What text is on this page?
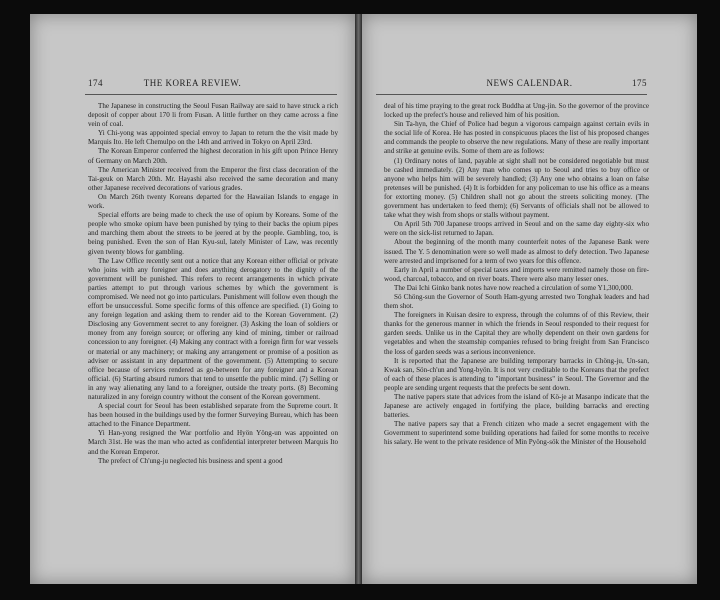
174	THE KOREA REVIEW.

The Japanese in constructing the Seoul Fusan Railway are said to have struck a rich deposit of copper about 170 li from Fusan. A little further on they came across a fine vein of coal.

Yi Chi-yong was appointed special envoy to Japan to return the the visit made by Marquis Ito. He left Chemulpo on the 14th and arrived in Tokyo on April 23rd.

The Korean Emperor conferred the highest decoration in his gift upon Prince Henry of Germany on March 20th.

The American Minister received from the Emperor the first class decoration of the Tai-geuk on March 20th. Mr. Hayashi also received the same decoration and many other Japanese received decorations of various grades.

On March 26th twenty Koreans departed for the Hawaiian Islands to engage in work.

Special efforts are being made to check the use of opium by Koreans. Some of the people who smoke opium have been punished by tying to their backs the opium pipes and marching them about the streets to be jeered at by the people. Gambling, too, is being punished. Even the son of Han Kyu-sul, lately Minister of Law, was recently given twenty blows for gambling.

The Law Office recently sent out a notice that any Korean either official or private who joins with any foreigner and does anything derogatory to the dignity of the government will be punished. This refers to recent arrangements in which private parties attempt to put through various schemes by which the government is compromised. We need not go into particulars. Punishment will follow even though the effort be unsuccessful. Some specific forms of this offence are specified. (1) Going to any foreign legation and asking them to render aid to the Korean Government. (2) Disclosing any Government secret to any foreigner. (3) Asking the loan of soldiers or money from any foreign source; or offering any kind of mining, timber or railroad concession to any foreigner. (4) Making any contract with a foreign firm for war vessels or material or any machinery; or making any arrangement or promise of a position as adviser or assistant in any department of the government. (5) Attempting to secure office because of services rendered as go-between for any foreigner and a Korean official. (6) Starting absurd rumors that tend to unsettle the public mind. (7) Selling or in any way alienating any land to a foreigner, outside the treaty ports. (8) Becoming naturalized in any foreign country without the consent of the Korean government.

A special court for Seoul has been established separate from the Supreme court. It has been housed in the buildings used by the former Surveying Bureau, which has been attached to the Finance Department.

Yi Han-yong resigned the War portfolio and Hyön Yöng-un was appointed on March 31st. He was the man who acted as confidential interpreter between Marquis Ito and the Korean Emperor.

The prefect of Ch'ung-ju neglected his business and spent a good

NEWS CALENDAR.	175

deal of his time praying to the great rock Buddha at Ung-jin. So the governor of the province locked up the prefect's house and relieved him of his position.

Sin Ta-hyn, the Chief of Police had begun a vigorous campaign against certain evils in the social life of Korea. He has posted in conspicuous places the list of his proposed changes and commands the people to observe the new regulations. Many of these are really important and strike at genuine evils. Some of them are as follows:

(1) Ordinary notes of land, payable at sight shall not be considered negotiable but must be cashed immediately. (2) Any man who comes up to Seoul and tries to buy office or anyone who helps him will be severely handled; (3) Any one who obtains a loan on false pretenses will be punished. (4) It is forbidden for any policeman to use his office as a means for extorting money. (5) Children shall not go about the streets soliciting money. (The government has undertaken to feed them); (6) Servants of officials shall not be allowed to take what they wish from shops or stalls without payment.

On April 5th 700 Japanese troops arrived in Seoul and on the same day eighty-six who were on the sick-list returned to Japan.

About the beginning of the month many counterfeit notes of the Japanese Bank were issued. The Y. 5 denomination were so well made as almost to defy detection. Two Japanese were arrested and imprisoned for a term of two years for this offence.

Early in April a number of special taxes and imports were remitted namely those on fire-wood, charcoal, tobacco, and on river boats. There were also many lesser ones.

The Dai Ichi Ginko bank notes have now reached a circulation of some Y1,300,000.

Sö Chöng-sun the Governor of South Ham-gyung arrested two Tonghak leaders and had them shot.

The foreigners in Kuisan desire to express, through the columns of of this Review, their thanks for the generous manner in which the friends in Seoul responded to their request for garden seeds. Unlike us in the Capital they are wholly dependent on their own gardens for vegetables and when the steamship companies refused to bring freight from San Francisco the loss of garden seeds was a serious inconvenience.

It is reported that the Japanese are building temporary barracks in Chöng-ju, Un-san, Kwak san, Sön-ch'un and Yong-byön. It is not very creditable to the Koreans that the prefect of each of these places is attending to "important business" in Seoul. The Governor and the people are sending urgent requests that the prefects be sent down.

The native papers state that advices from the island of Kö-je at Masanpo indicate that the Japanese are actively engaged in fortifying the place, building barracks and erecting batteries.

The native papers say that a French citizen who made a secret engagement with the Government to superintend some building operations had failed for some months to receive his salary. He went to the private residence of Min Pyöng-sök the Minister of the Household
